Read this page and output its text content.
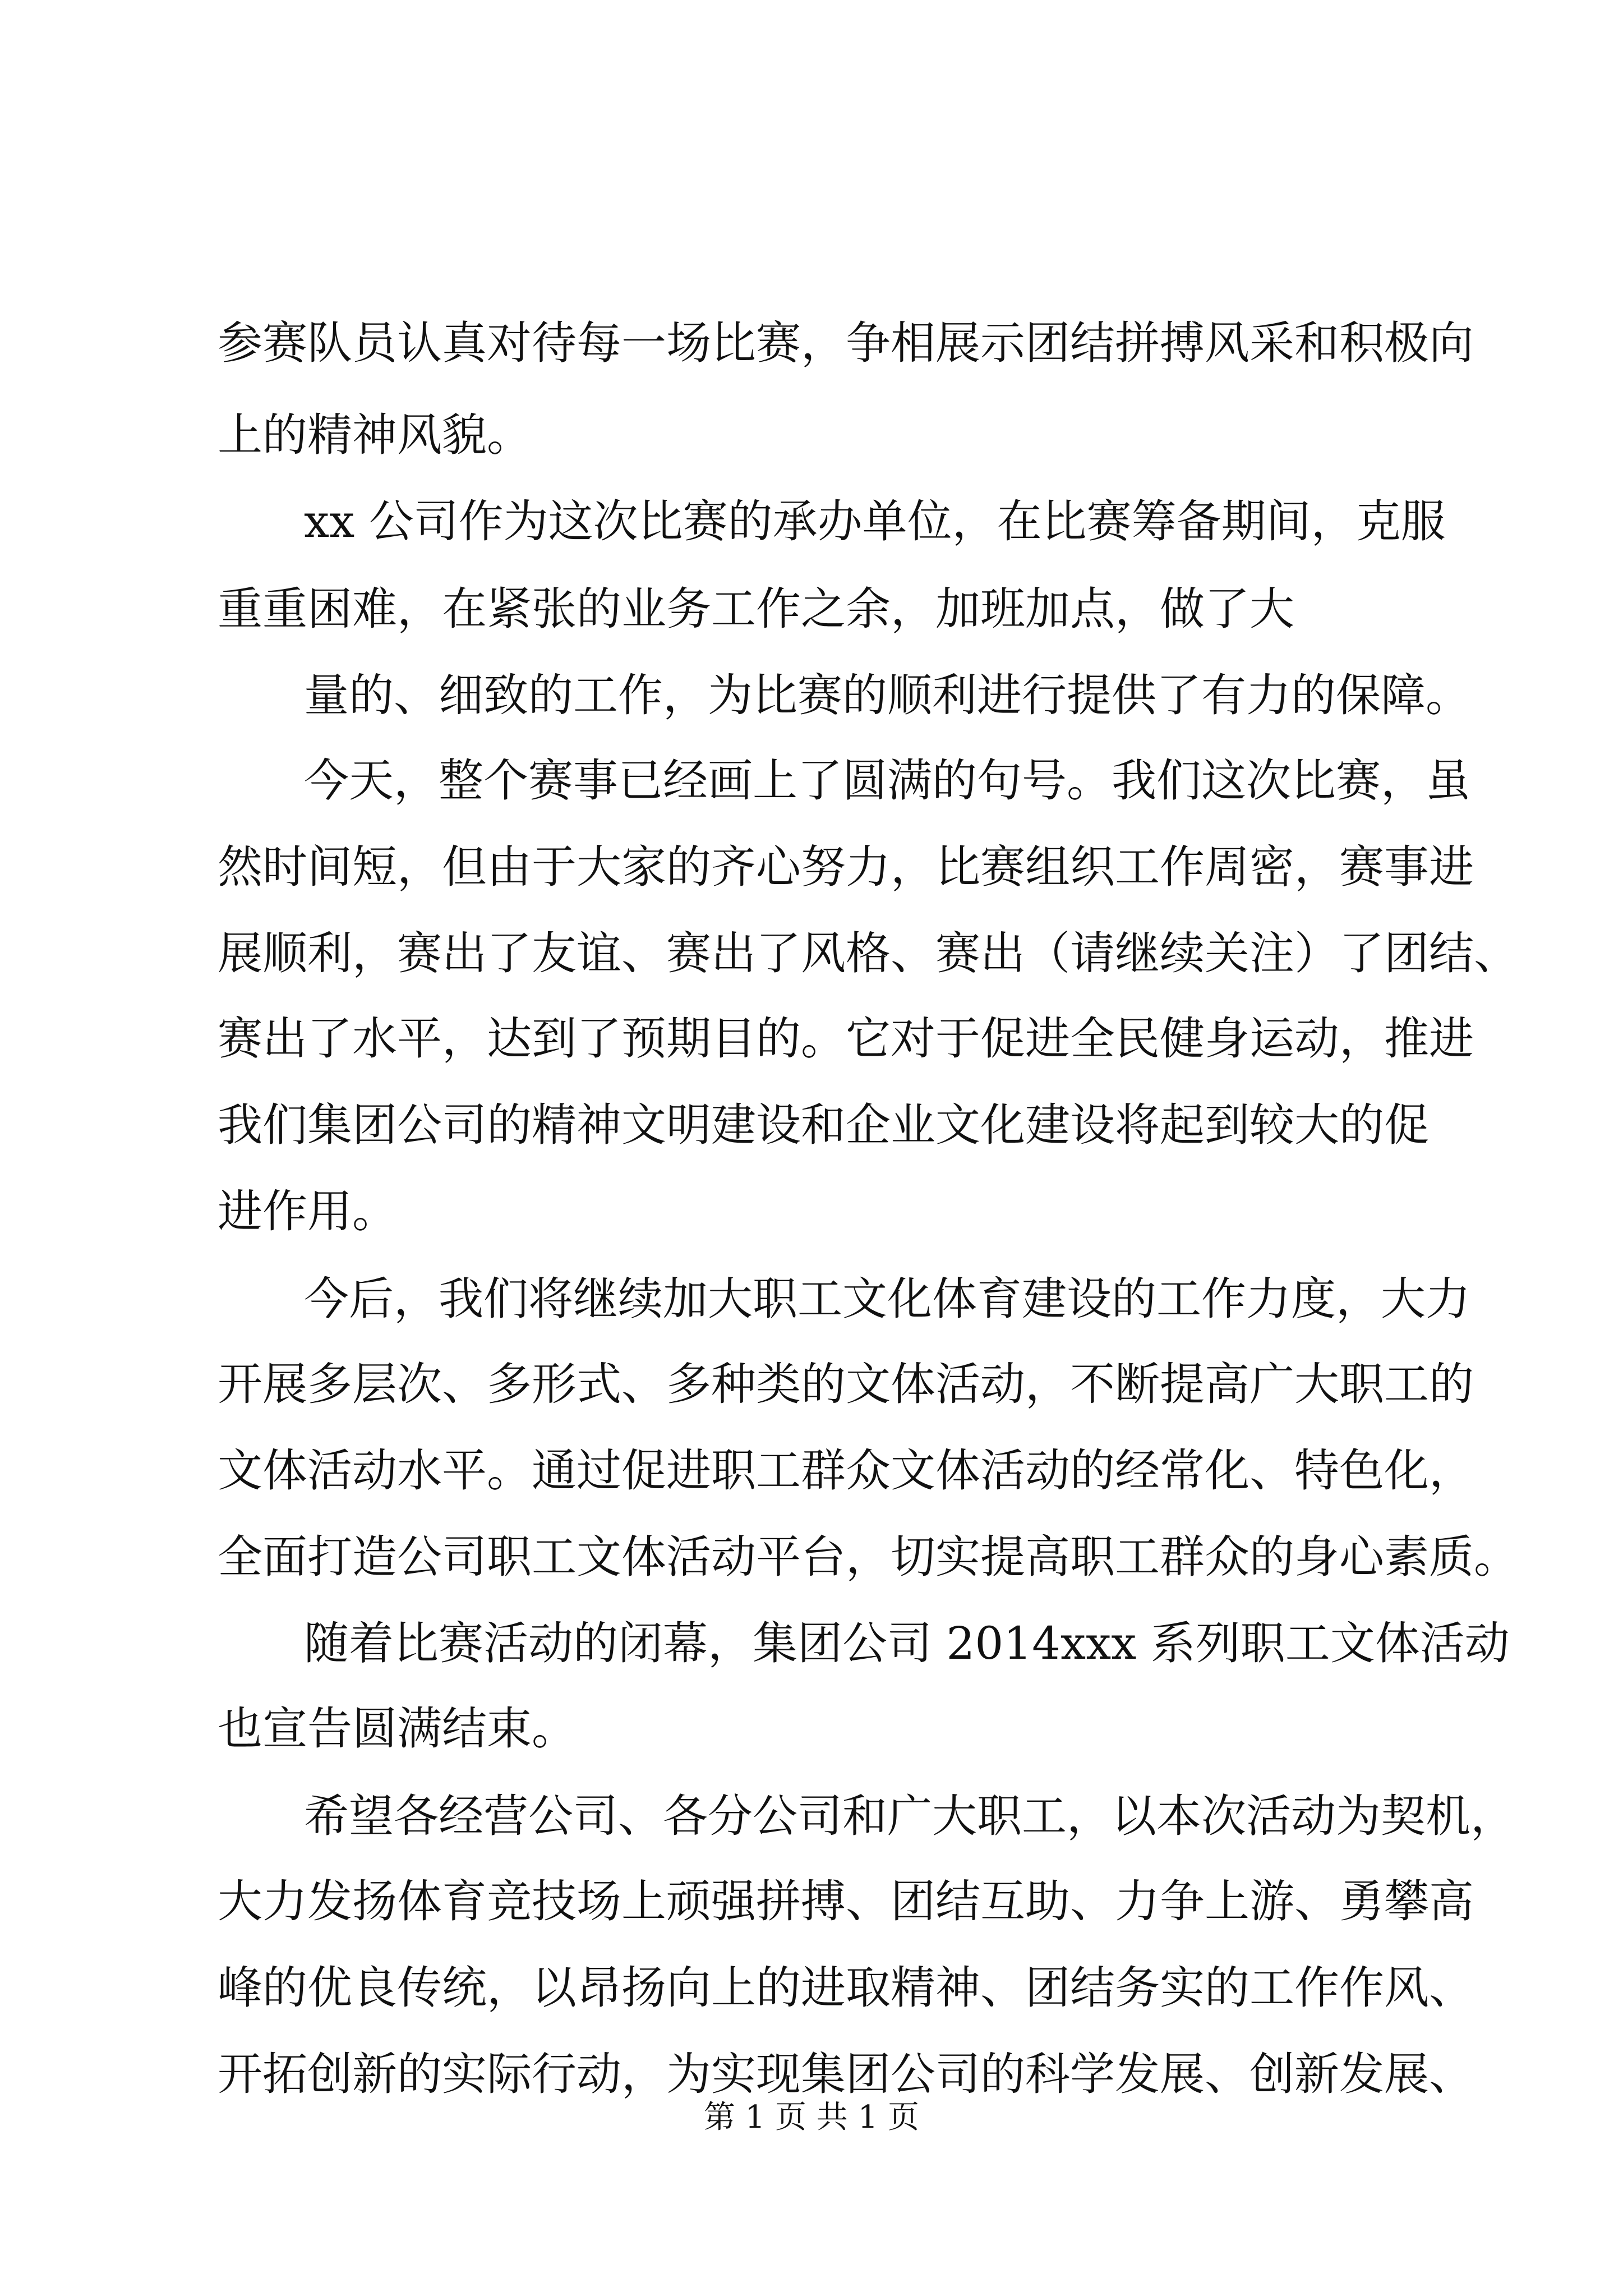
参赛队员认真对待每一场比赛，争相展示团结拼搏风采和积极向
上的精神风貌。
xx 公司作为这次比赛的承办单位，在比赛筹备期间，克服
重重困难，在紧张的业务工作之余，加班加点，做了大
量的、细致的工作，为比赛的顺利进行提供了有力的保障。
今天，整个赛事已经画上了圆满的句号。我们这次比赛，虽
然时间短，但由于大家的齐心努力，比赛组织工作周密，赛事进
展顺利，赛出了友谊、赛出了风格、赛出（请继续关注）了团结、
赛出了水平，达到了预期目的。它对于促进全民健身运动，推进
我们集团公司的精神文明建设和企业文化建设将起到较大的促
进作用。
今后，我们将继续加大职工文化体育建设的工作力度，大力
开展多层次、多形式、多种类的文体活动，不断提高广大职工的
文体活动水平。通过促进职工群众文体活动的经常化、特色化，
全面打造公司职工文体活动平台，切实提高职工群众的身心素质。
随着比赛活动的闭幕，集团公司 2014xxx 系列职工文体活动
也宣告圆满结束。
希望各经营公司、各分公司和广大职工，以本次活动为契机，
大力发扬体育竞技场上顽强拼搏、团结互助、力争上游、勇攀高
峰的优良传统，以昂扬向上的进取精神、团结务实的工作作风、
开拓创新的实际行动，为实现集团公司的科学发展、创新发展、
第 1 页 共 1 页
